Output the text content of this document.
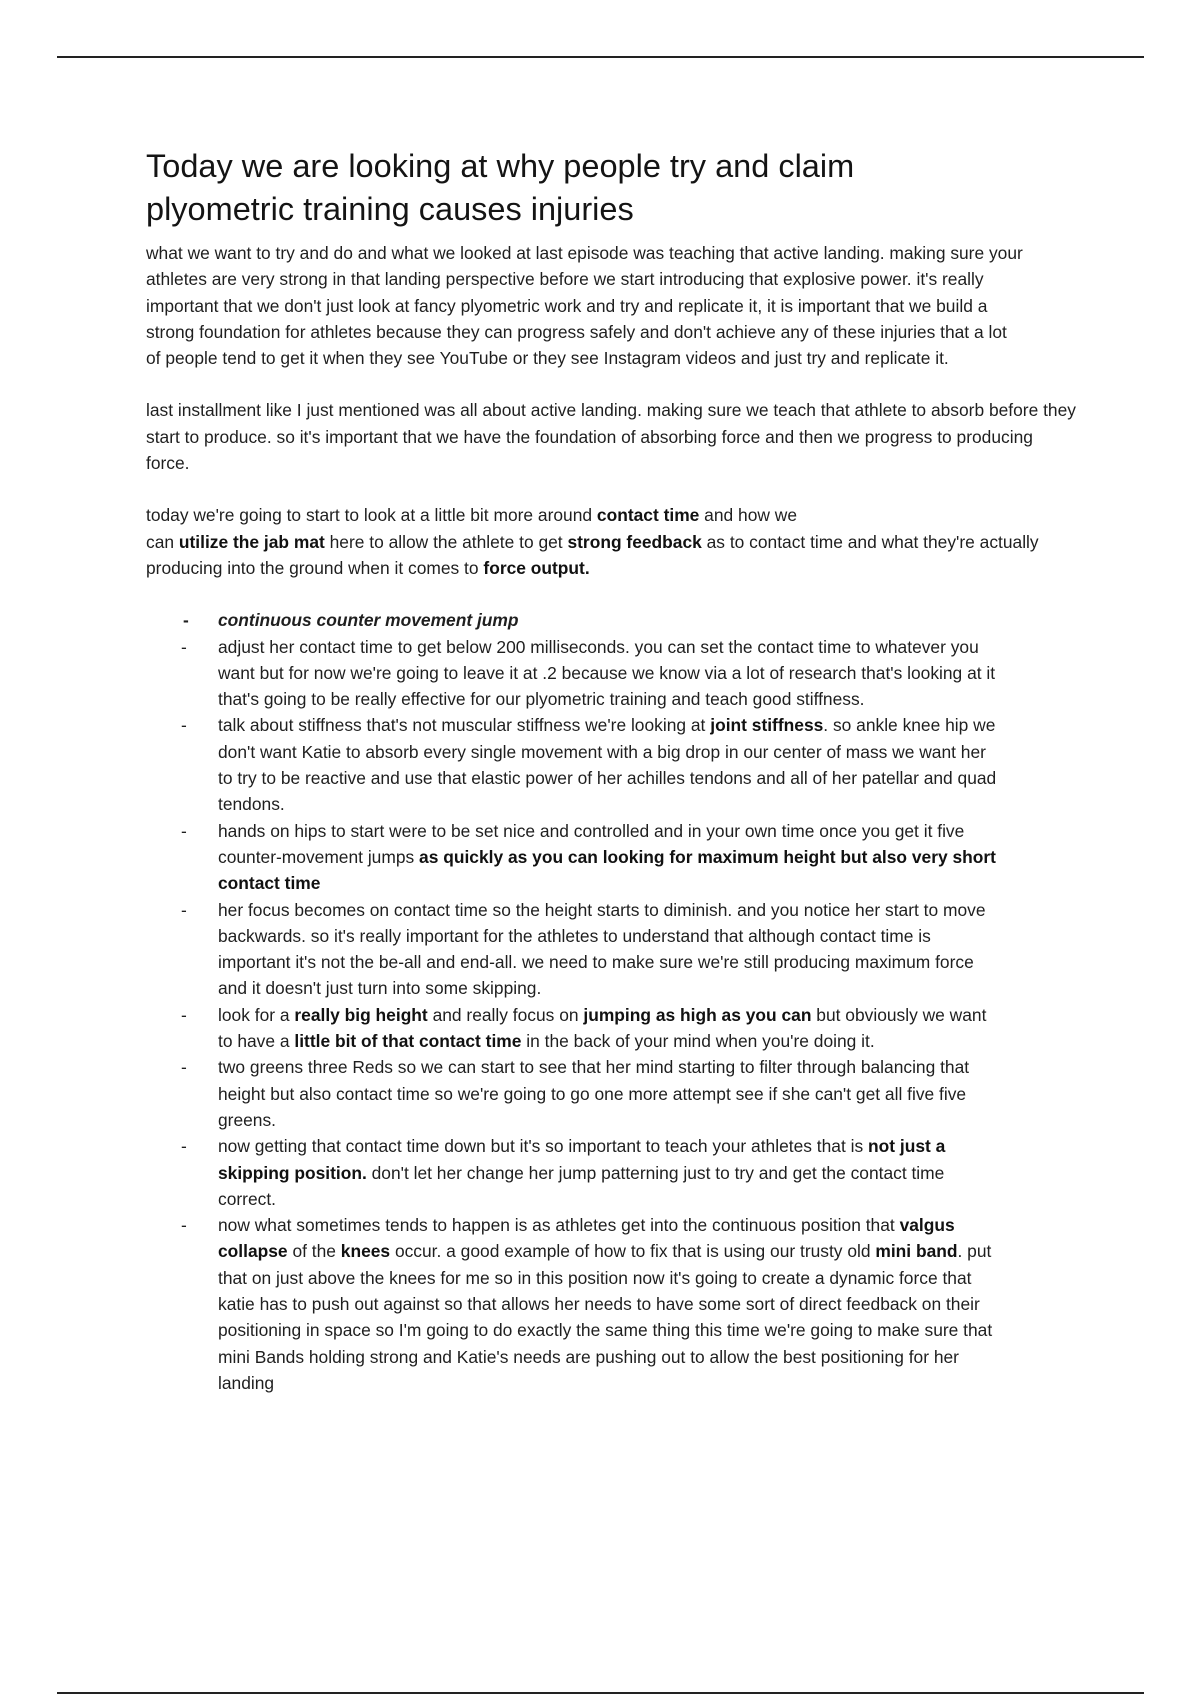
Today we are looking at why people try and claim plyometric training causes injuries

what we want to try and do and what we looked at last episode was teaching that active landing. making sure your athletes are very strong in that landing perspective before we start introducing that explosive power. it's really important that we don't just look at fancy plyometric work and try and replicate it, it is important that we build a strong foundation for athletes because they can progress safely and don't achieve any of these injuries that a lot
of people tend to get it when they see YouTube or they see Instagram videos and just try and replicate it.

last installment like I just mentioned was all about active landing. making sure we teach that athlete to absorb before they start to produce. so it's important that we have the foundation of absorbing force and then we progress to producing force.

today we're going to start to look at a little bit more around contact time and how we
can utilize the jab mat here to allow the athlete to get strong feedback as to contact time and what they're actually producing into the ground when it comes to force output.

- continuous counter movement jump
- adjust her contact time to get below 200 milliseconds. you can set the contact time to whatever you want but for now we're going to leave it at .2 because we know via a lot of research that's looking at it that's going to be really effective for our plyometric training and teach good stiffness.
- talk about stiffness that's not muscular stiffness we're looking at joint stiffness. so ankle knee hip we don't want Katie to absorb every single movement with a big drop in our center of mass we want her to try to be reactive and use that elastic power of her achilles tendons and all of her patellar and quad tendons.
- hands on hips to start were to be set nice and controlled and in your own time once you get it five counter-movement jumps as quickly as you can looking for maximum height but also very short contact time
- her focus becomes on contact time so the height starts to diminish. and you notice her start to move backwards. so it's really important for the athletes to understand that although contact time is important it's not the be-all and end-all. we need to make sure we're still producing maximum force and it doesn't just turn into some skipping.
- look for a really big height and really focus on jumping as high as you can but obviously we want to have a little bit of that contact time in the back of your mind when you're doing it.
- two greens three Reds so we can start to see that her mind starting to filter through balancing that height but also contact time so we're going to go one more attempt see if she can't get all five five greens.
- now getting that contact time down but it's so important to teach your athletes that is not just a skipping position. don't let her change her jump patterning just to try and get the contact time correct.
- now what sometimes tends to happen is as athletes get into the continuous position that valgus collapse of the knees occur. a good example of how to fix that is using our trusty old mini band. put that on just above the knees for me so in this position now it's going to create a dynamic force that katie has to push out against so that allows her needs to have some sort of direct feedback on their positioning in space so I'm going to do exactly the same thing this time we're going to make sure that mini Bands holding strong and Katie's needs are pushing out to allow the best positioning for her landing
